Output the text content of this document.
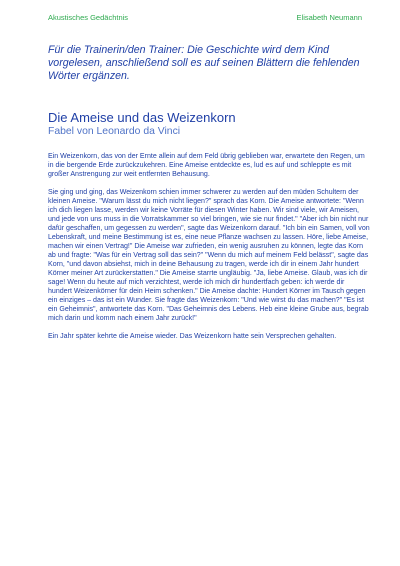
Akustisches Gedächtnis	Elisabeth Neumann

Für die Trainerin/den Trainer: Die Geschichte wird dem Kind vorgelesen, anschließend soll es auf seinen Blättern die fehlenden Wörter ergänzen.

Die Ameise und das Weizenkorn
Fabel von Leonardo da Vinci

Ein Weizenkorn, das von der Ernte allein auf dem Feld übrig geblieben war, erwartete den Regen, um in die bergende Erde zurückzukehren. Eine Ameise entdeckte es, lud es auf und schleppte es mit großer Anstrengung zur weit entfernten Behausung.

Sie ging und ging, das Weizenkorn schien immer schwerer zu werden auf den müden Schultern der kleinen Ameise. "Warum lässt du mich nicht liegen?" sprach das Korn. Die Ameise antwortete: "Wenn ich dich liegen lasse, werden wir keine Vorräte für diesen Winter haben. Wir sind viele, wir Ameisen, und jede von uns muss in die Vorratskammer so viel bringen, wie sie nur findet." "Aber ich bin nicht nur dafür geschaffen, um gegessen zu werden", sagte das Weizenkorn darauf. "Ich bin ein Samen, voll von Lebenskraft, und meine Bestimmung ist es, eine neue Pflanze wachsen zu lassen. Höre, liebe Ameise, machen wir einen Vertrag!" Die Ameise war zufrieden, ein wenig ausruhen zu können, legte das Korn ab und fragte: "Was für ein Vertrag soll das sein?" "Wenn du mich auf meinem Feld belässt", sagte das Korn, "und davon absiehst, mich in deine Behausung zu tragen, werde ich dir in einem Jahr hundert Körner meiner Art zurückerstatten." Die Ameise starrte ungläubig. "Ja, liebe Ameise. Glaub, was ich dir sage! Wenn du heute auf mich verzichtest, werde ich mich dir hundertfach geben: ich werde dir hundert Weizenkörner für dein Heim schenken." Die Ameise dachte: Hundert Körner im Tausch gegen ein einziges – das ist ein Wunder. Sie fragte das Weizenkorn: "Und wie wirst du das machen?" "Es ist ein Geheimnis", antwortete das Korn. "Das Geheimnis des Lebens. Heb eine kleine Grube aus, begrab mich darin und komm nach einem Jahr zurück!"

Ein Jahr später kehrte die Ameise wieder. Das Weizenkorn hatte sein Versprechen gehalten.
